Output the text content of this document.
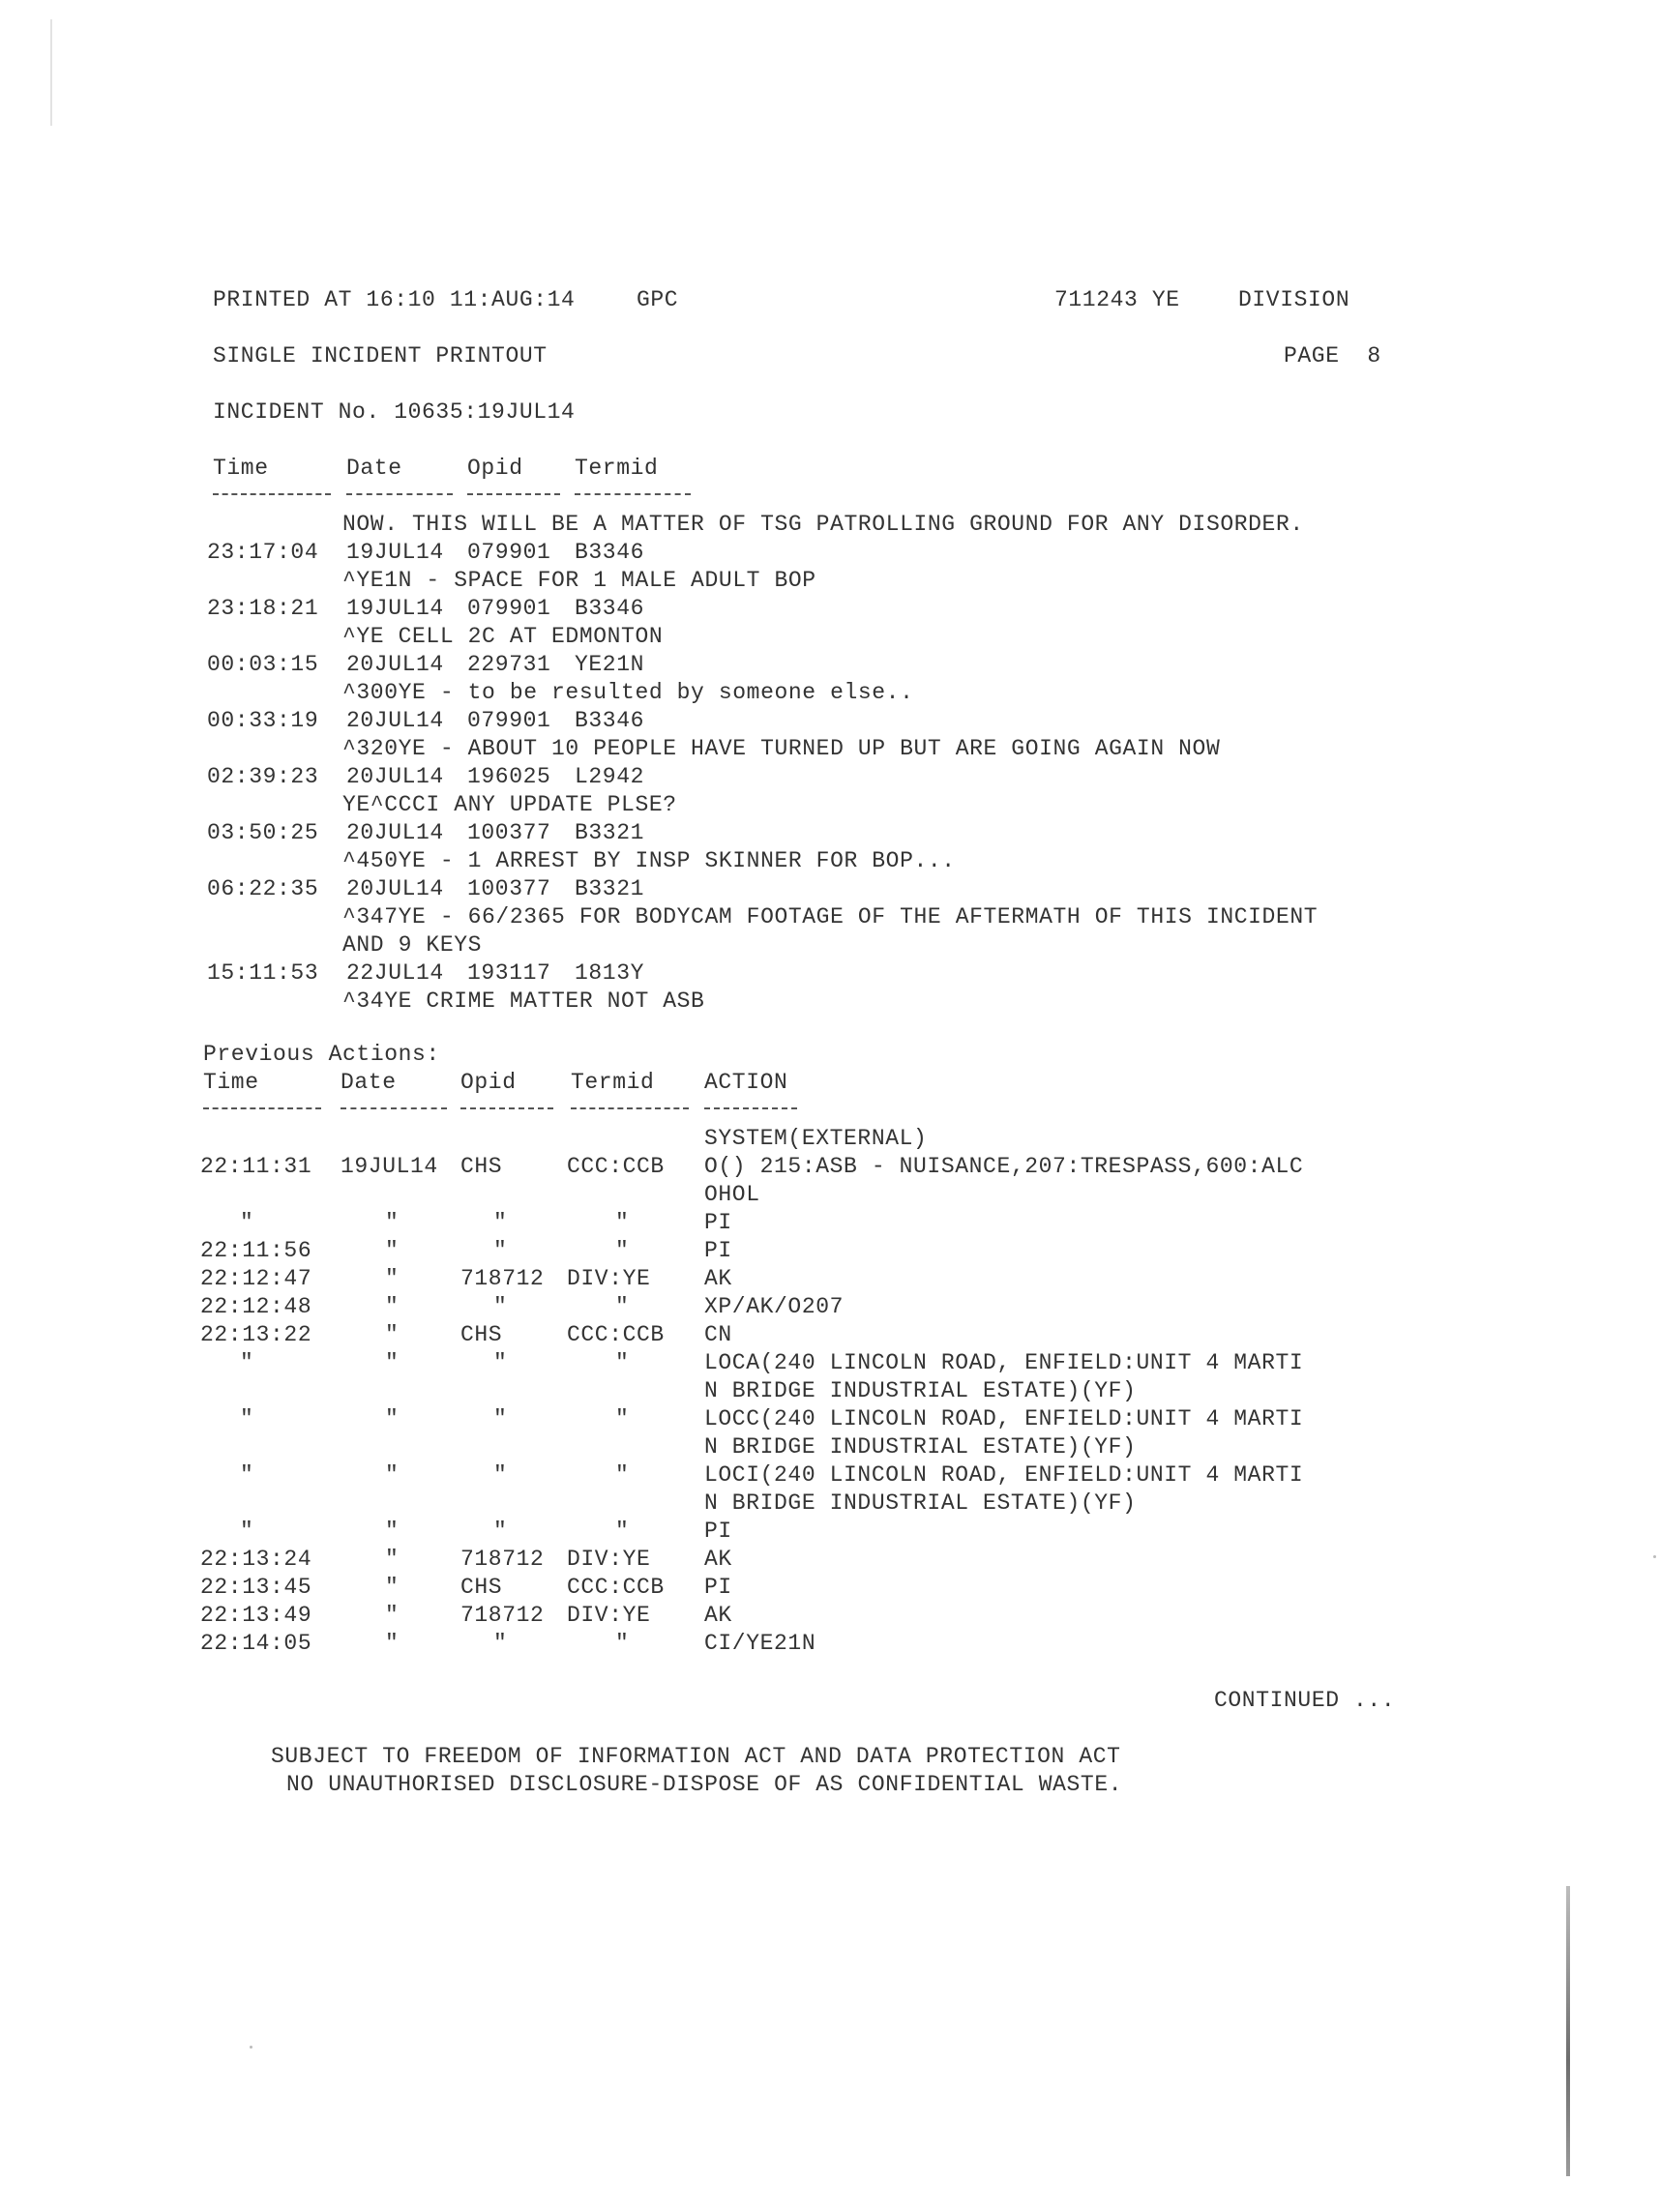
PRINTED AT 16:10 11:AUG:14	GPC	711243 YE	DIVISION
SINGLE INCIDENT PRINTOUT	PAGE  8
INCIDENT No. 10635:19JUL14
Time	Date	Opid Termid
NOW. THIS WILL BE A MATTER OF TSG PATROLLING GROUND FOR ANY DISORDER.
23:17:04 19JUL14 079901 B3346
^YE1N - SPACE FOR 1 MALE ADULT BOP
23:18:21 19JUL14 079901 B3346
^YE CELL 2C AT EDMONTON
00:03:15 20JUL14 229731 YE21N
^300YE - to be resulted by someone else..
00:33:19 20JUL14 079901 B3346
^320YE - ABOUT 10 PEOPLE HAVE TURNED UP BUT ARE GOING AGAIN NOW
02:39:23 20JUL14 196025 L2942
YE^CCCI ANY UPDATE PLSE?
03:50:25 20JUL14 100377 B3321
^450YE - 1 ARREST BY INSP SKINNER FOR BOP...
06:22:35 20JUL14 100377 B3321
^347YE - 66/2365 FOR BODYCAM FOOTAGE OF THE AFTERMATH OF THIS INCIDENT
AND 9 KEYS
15:11:53 22JUL14 193117 1813Y
^34YE CRIME MATTER NOT ASB
Previous Actions:
Time	Date	Opid Termid ACTION
SYSTEM(EXTERNAL)
22:11:31 19JUL14 CHS	CCC:CCB O() 215:ASB - NUISANCE,207:TRESPASS,600:ALC
OHOL
"	"	"	"	PI
22:11:56	"	"	"	PI
22:12:47	"	718712 DIV:YE AK
22:12:48	"	"	"	XP/AK/O207
22:13:22	"	CHS	CCC:CCB CN
"	"	"	"	LOCA(240 LINCOLN ROAD, ENFIELD:UNIT 4 MARTI
N BRIDGE INDUSTRIAL ESTATE)(YF)
"	"	"	"	LOCC(240 LINCOLN ROAD, ENFIELD:UNIT 4 MARTI
N BRIDGE INDUSTRIAL ESTATE)(YF)
"	"	"	"	LOCI(240 LINCOLN ROAD, ENFIELD:UNIT 4 MARTI
N BRIDGE INDUSTRIAL ESTATE)(YF)
"	"	"	"	PI
22:13:24	"	718712 DIV:YE AK
22:13:45	"	CHS	CCC:CCB PI
22:13:49	"	718712 DIV:YE AK
22:14:05	"	"	"	CI/YE21N
CONTINUED ...
SUBJECT TO FREEDOM OF INFORMATION ACT AND DATA PROTECTION ACT
NO UNAUTHORISED DISCLOSURE-DISPOSE OF AS CONFIDENTIAL WASTE.
